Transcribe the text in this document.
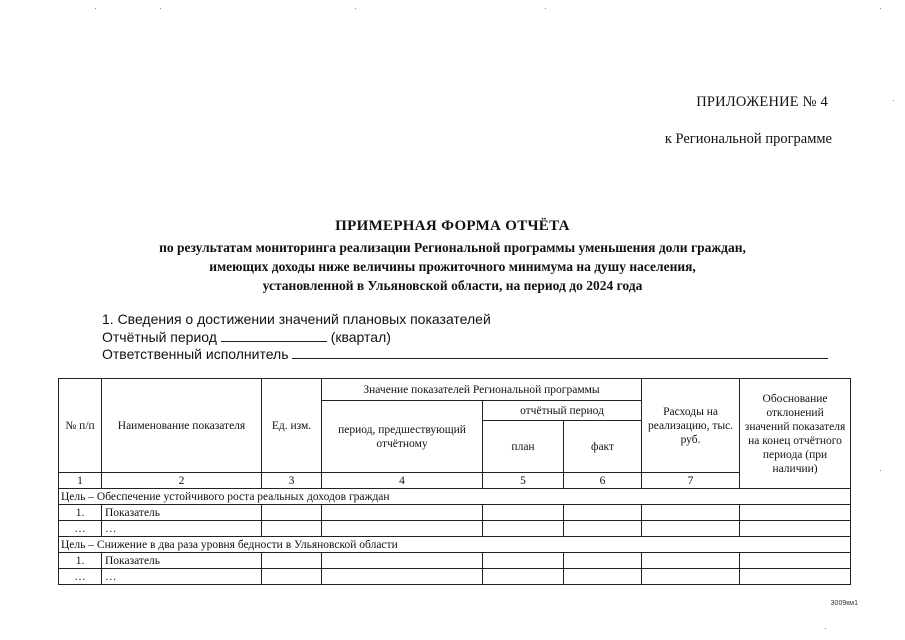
ПРИЛОЖЕНИЕ № 4
к Региональной программе
ПРИМЕРНАЯ ФОРМА ОТЧЁТА
по результатам мониторинга реализации Региональной программы уменьшения доли граждан,
имеющих доходы ниже величины прожиточного минимума на душу населения,
установленной в Ульяновской области, на период до 2024 года
1. Сведения о достижении значений плановых показателей
Отчётный период	(квартал)
Ответственный исполнитель
№ п/п	Наименование показателя	Ед. изм.	Значение показателей Региональной программы			Расходы на реализацию, тыс. руб.	Обоснование отклонений значений показателя на конец отчётного периода (при наличии)
			период, предшествующий отчётному	отчётный период			
				план	факт		
1	2	3	4	5	6	7	
Цель – Обеспечение устойчивого роста реальных доходов граждан							
1.	Показатель						
…	…						
Цель – Снижение в два раза уровня бедности в Ульяновской области							
1.	Показатель						
…	…						
3009км1
